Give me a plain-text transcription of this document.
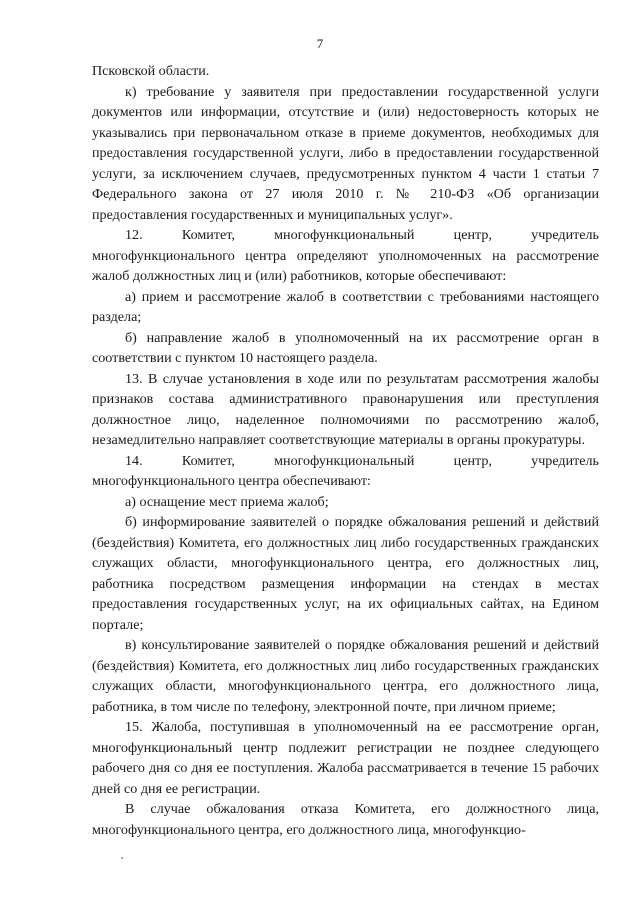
7

Псковской области.

к) требование у заявителя при предоставлении государственной услуги документов или информации, отсутствие и (или) недостоверность которых не указывались при первоначальном отказе в приеме документов, необходимых для предоставления государственной услуги, либо в предоставлении государственной услуги, за исключением случаев, предусмотренных пунктом 4 части 1 статьи 7 Федерального закона от 27 июля 2010 г. № 210-ФЗ «Об организации предоставления государственных и муниципальных услуг».

12. Комитет, многофункциональный центр, учредитель многофункционального центра определяют уполномоченных на рассмотрение жалоб должностных лиц и (или) работников, которые обеспечивают:

а) прием и рассмотрение жалоб в соответствии с требованиями настоящего раздела;

б) направление жалоб в уполномоченный на их рассмотрение орган в соответствии с пунктом 10 настоящего раздела.

13. В случае установления в ходе или по результатам рассмотрения жалобы признаков состава административного правонарушения или преступления должностное лицо, наделенное полномочиями по рассмотрению жалоб, незамедлительно направляет соответствующие материалы в органы прокуратуры.

14. Комитет, многофункциональный центр, учредитель многофункционального центра обеспечивают:

а) оснащение мест приема жалоб;

б) информирование заявителей о порядке обжалования решений и действий (бездействия) Комитета, его должностных лиц либо государственных гражданских служащих области, многофункционального центра, его должностных лиц, работника посредством размещения информации на стендах в местах предоставления государственных услуг, на их официальных сайтах, на Едином портале;

в) консультирование заявителей о порядке обжалования решений и действий (бездействия) Комитета, его должностных лиц либо государственных гражданских служащих области, многофункционального центра, его должностного лица, работника, в том числе по телефону, электронной почте, при личном приеме;

15. Жалоба, поступившая в уполномоченный на ее рассмотрение орган, многофункциональный центр подлежит регистрации не позднее следующего рабочего дня со дня ее поступления. Жалоба рассматривается в течение 15 рабочих дней со дня ее регистрации.

В случае обжалования отказа Комитета, его должностного лица, многофункционального центра, его должностного лица, многофункцио-
